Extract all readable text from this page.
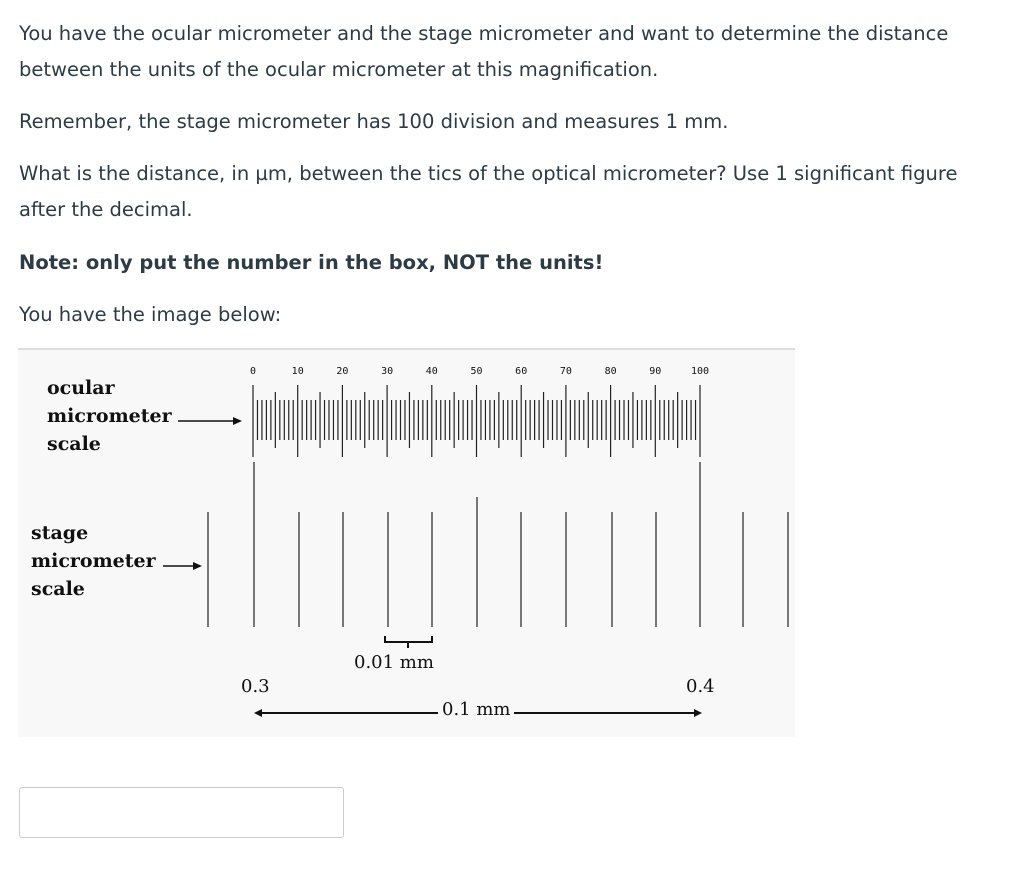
You have the ocular micrometer and the stage micrometer and want to determine the distance between the units of the ocular micrometer at this magnification.

Remember, the stage micrometer has 100 division and measures 1 mm.

What is the distance, in µm, between the tics of the optical micrometer? Use 1 significant figure after the decimal.

Note: only put the number in the box, NOT the units!

You have the image below:

0	10	20	30	40	50	60	70	80	90	100
ocular
micrometer
scale
stage
micrometer
scale
0.01 mm
0.3	0.4
0.1 mm
